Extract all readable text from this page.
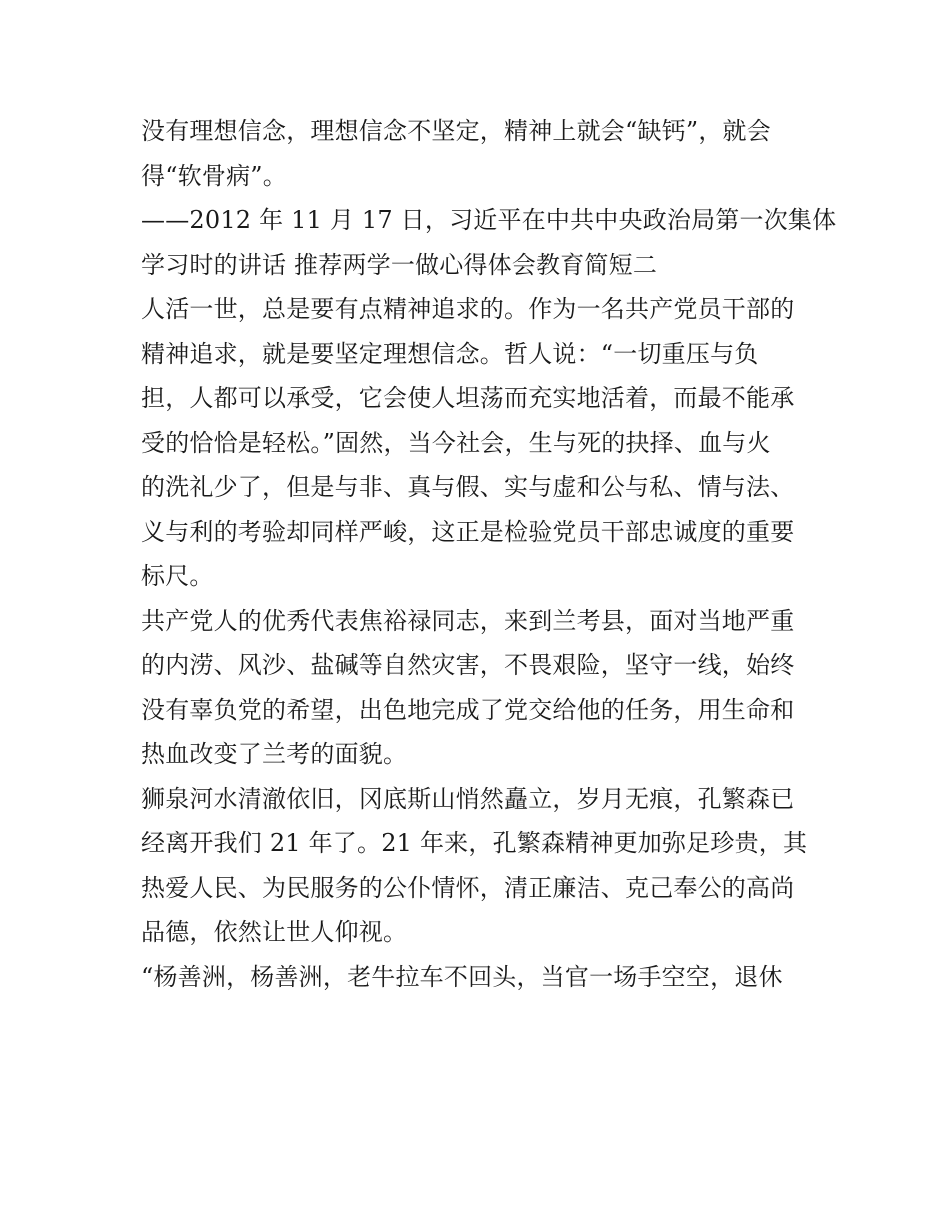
没有理想信念，理想信念不坚定，精神上就会“缺钙”，就会
得“软骨病”。
——2012 年 11 月 17 日，习近平在中共中央政治局第一次集体
学习时的讲话 推荐两学一做心得体会教育简短二
人活一世，总是要有点精神追求的。作为一名共产党员干部的
精神追求，就是要坚定理想信念。哲人说：“一切重压与负
担，人都可以承受，它会使人坦荡而充实地活着，而最不能承
受的恰恰是轻松。”固然，当今社会，生与死的抉择、血与火
的洗礼少了，但是与非、真与假、实与虚和公与私、情与法、
义与利的考验却同样严峻，这正是检验党员干部忠诚度的重要
标尺。
共产党人的优秀代表焦裕禄同志，来到兰考县，面对当地严重
的内涝、风沙、盐碱等自然灾害，不畏艰险，坚守一线，始终
没有辜负党的希望，出色地完成了党交给他的任务，用生命和
热血改变了兰考的面貌。
狮泉河水清澈依旧，冈底斯山悄然矗立，岁月无痕，孔繁森已
经离开我们 21 年了。21 年来，孔繁森精神更加弥足珍贵，其
热爱人民、为民服务的公仆情怀，清正廉洁、克己奉公的高尚
品德，依然让世人仰视。
“杨善洲，杨善洲，老牛拉车不回头，当官一场手空空，退休
